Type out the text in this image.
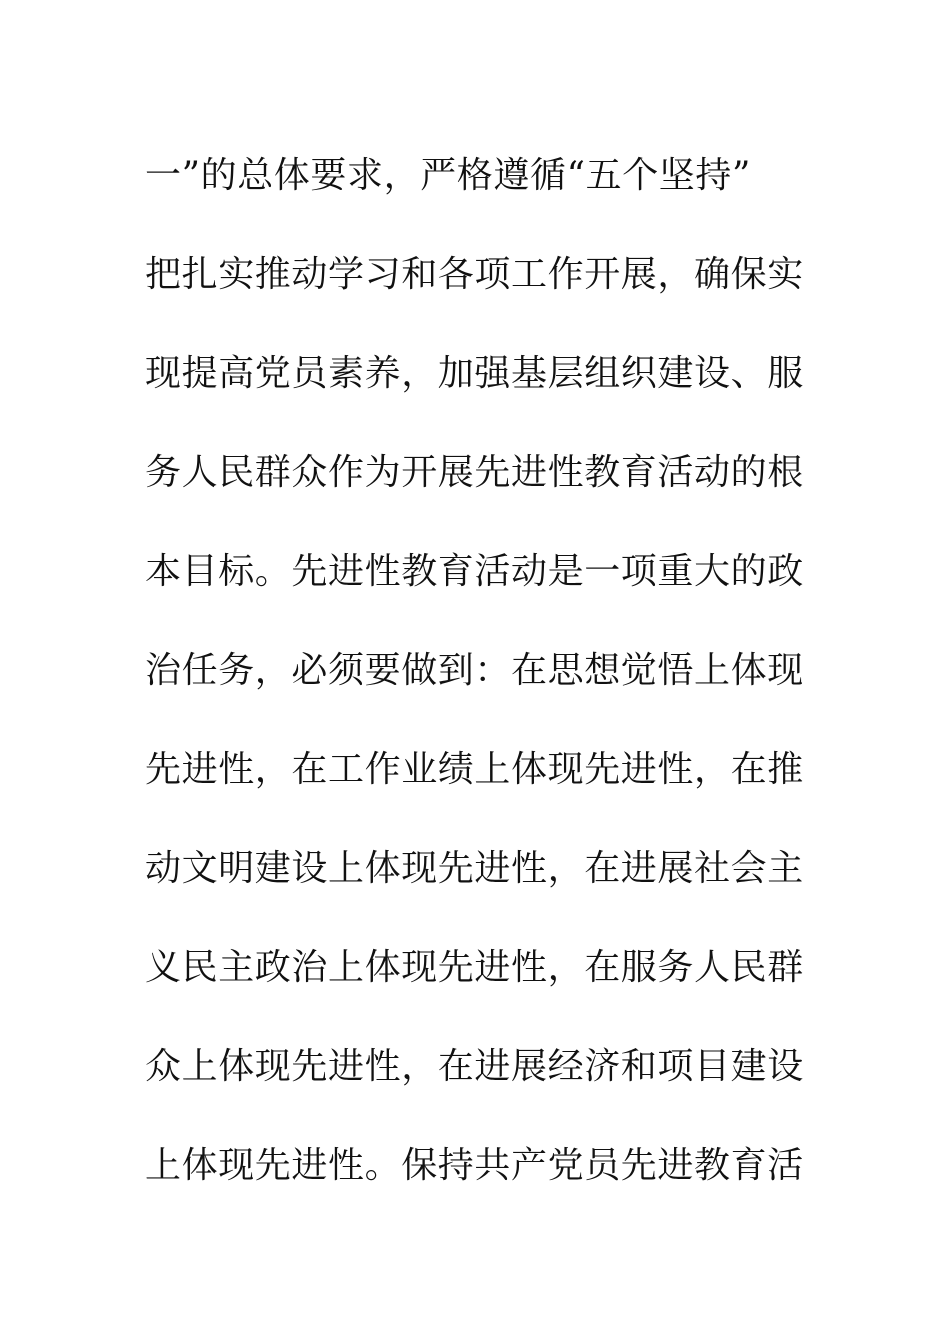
一”的总体要求，严格遵循“五个坚持”
把扎实推动学习和各项工作开展，确保实
现提高党员素养，加强基层组织建设、服
务人民群众作为开展先进性教育活动的根
本目标。先进性教育活动是一项重大的政
治任务，必须要做到：在思想觉悟上体现
先进性，在工作业绩上体现先进性，在推
动文明建设上体现先进性，在进展社会主
义民主政治上体现先进性，在服务人民群
众上体现先进性，在进展经济和项目建设
上体现先进性。保持共产党员先进教育活
